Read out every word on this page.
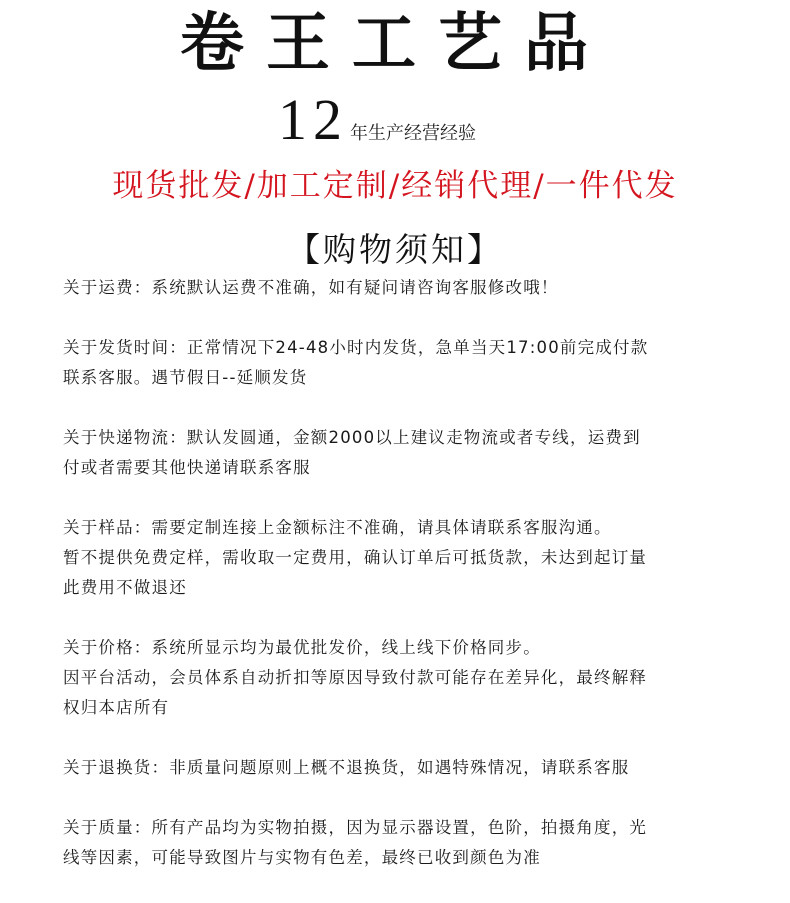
卷王工艺品
12 年生产经营经验
现货批发/加工定制/经销代理/一件代发
【购物须知】
关于运费：系统默认运费不准确，如有疑问请咨询客服修改哦！
关于发货时间：正常情况下24-48小时内发货，急单当天17:00前完成付款
联系客服。遇节假日--延顺发货
关于快递物流：默认发圆通，金额2000以上建议走物流或者专线，运费到
付或者需要其他快递请联系客服
关于样品：需要定制连接上金额标注不准确，请具体请联系客服沟通。
暂不提供免费定样，需收取一定费用，确认订单后可抵货款，未达到起订量
此费用不做退还
关于价格：系统所显示均为最优批发价，线上线下价格同步。
因平台活动，会员体系自动折扣等原因导致付款可能存在差异化，最终解释
权归本店所有
关于退换货：非质量问题原则上概不退换货，如遇特殊情况，请联系客服
关于质量：所有产品均为实物拍摄，因为显示器设置，色阶，拍摄角度，光
线等因素，可能导致图片与实物有色差，最终已收到颜色为准
